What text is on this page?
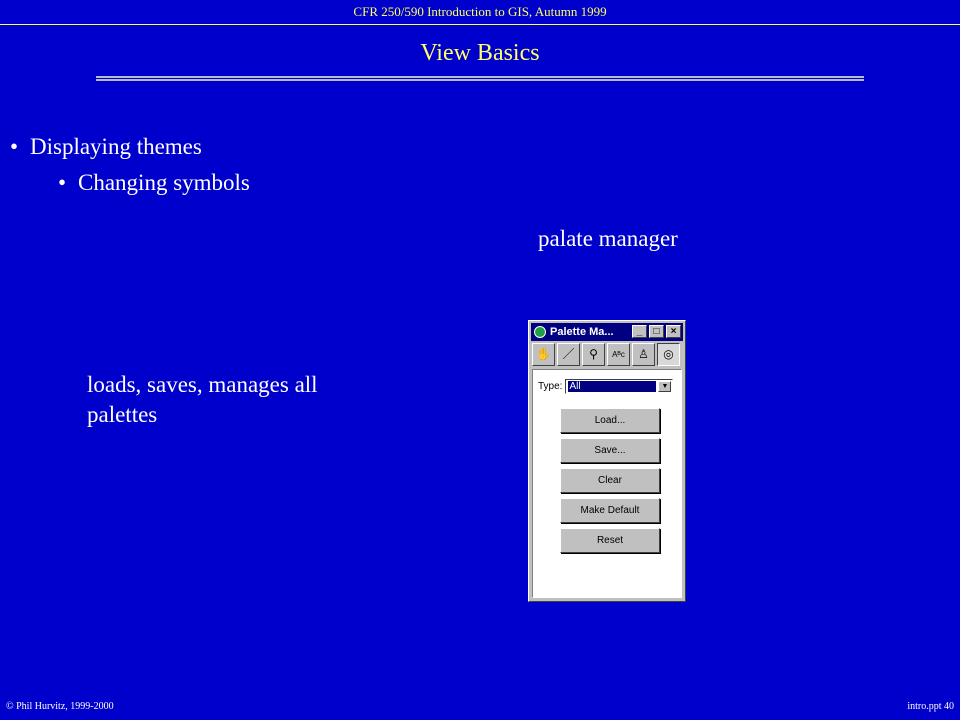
CFR 250/590 Introduction to GIS, Autumn 1999
View Basics
• Displaying themes
• Changing symbols
palate manager
loads, saves, manages all palettes
Palette Ma...	_	□	×
✋ ／	⚲	Aᴮc	♙	◎
Type: All	▼
Load...
Save...
Clear
Make Default
Reset
© Phil Hurvitz, 1999-2000	intro.ppt 40
